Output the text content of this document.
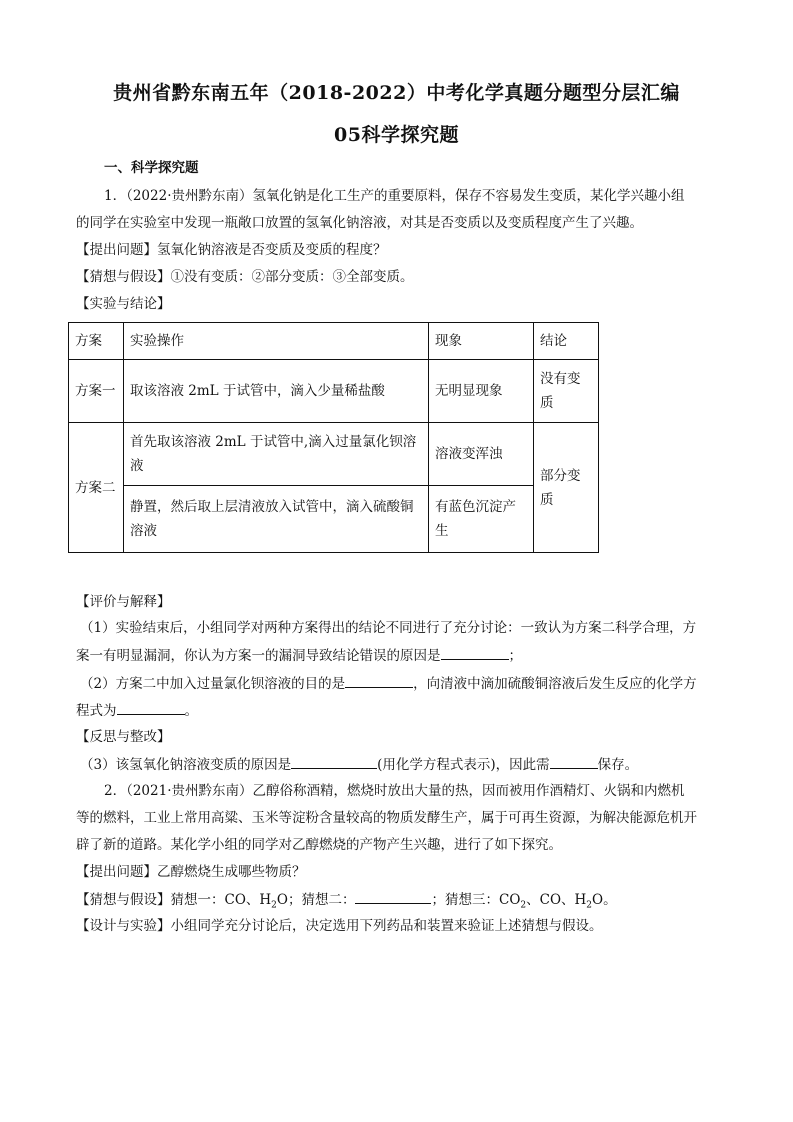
贵州省黔东南五年（2018-2022）中考化学真题分题型分层汇编
05科学探究题
一、科学探究题
1．（2022·贵州黔东南）氢氧化钠是化工生产的重要原料，保存不容易发生变质，某化学兴趣小组
的同学在实验室中发现一瓶敞口放置的氢氧化钠溶液，对其是否变质以及变质程度产生了兴趣。
【提出问题】氢氧化钠溶液是否变质及变质的程度？
【猜想与假设】①没有变质：②部分变质：③全部变质。
【实验与结论】
方案	实验操作	现象	结论
方案一	取该溶液 2mL 于试管中，滴入少量稀盐酸	无明显现象	没有变质
方案二	首先取该溶液 2mL 于试管中,滴入过量氯化钡溶液	溶液变浑浊	部分变质
	静置，然后取上层清液放入试管中，滴入硫酸铜溶液	有蓝色沉淀产生	
【评价与解释】
（1）实验结束后，小组同学对两种方案得出的结论不同进行了充分讨论：一致认为方案二科学合理，方
案一有明显漏洞，你认为方案一的漏洞导致结论错误的原因是	；
（2）方案二中加入过量氯化钡溶液的目的是	，向清液中滴加硫酸铜溶液后发生反应的化学方
程式为	。
【反思与整改】
（3）该氢氧化钠溶液变质的原因是	(用化学方程式表示)，因此需	保存。
2．（2021·贵州黔东南）乙醇俗称酒精，燃烧时放出大量的热，因而被用作酒精灯、火锅和内燃机
等的燃料，工业上常用高粱、玉米等淀粉含量较高的物质发酵生产，属于可再生资源，为解决能源危机开
辟了新的道路。某化学小组的同学对乙醇燃烧的产物产生兴趣，进行了如下探究。
【提出问题】乙醇燃烧生成哪些物质？
【猜想与假设】猜想一：CO、$H_2O$；猜想二：	；猜想三：$CO_2$、CO、$H_2O$。
【设计与实验】小组同学充分讨论后，决定选用下列药品和装置来验证上述猜想与假设。
